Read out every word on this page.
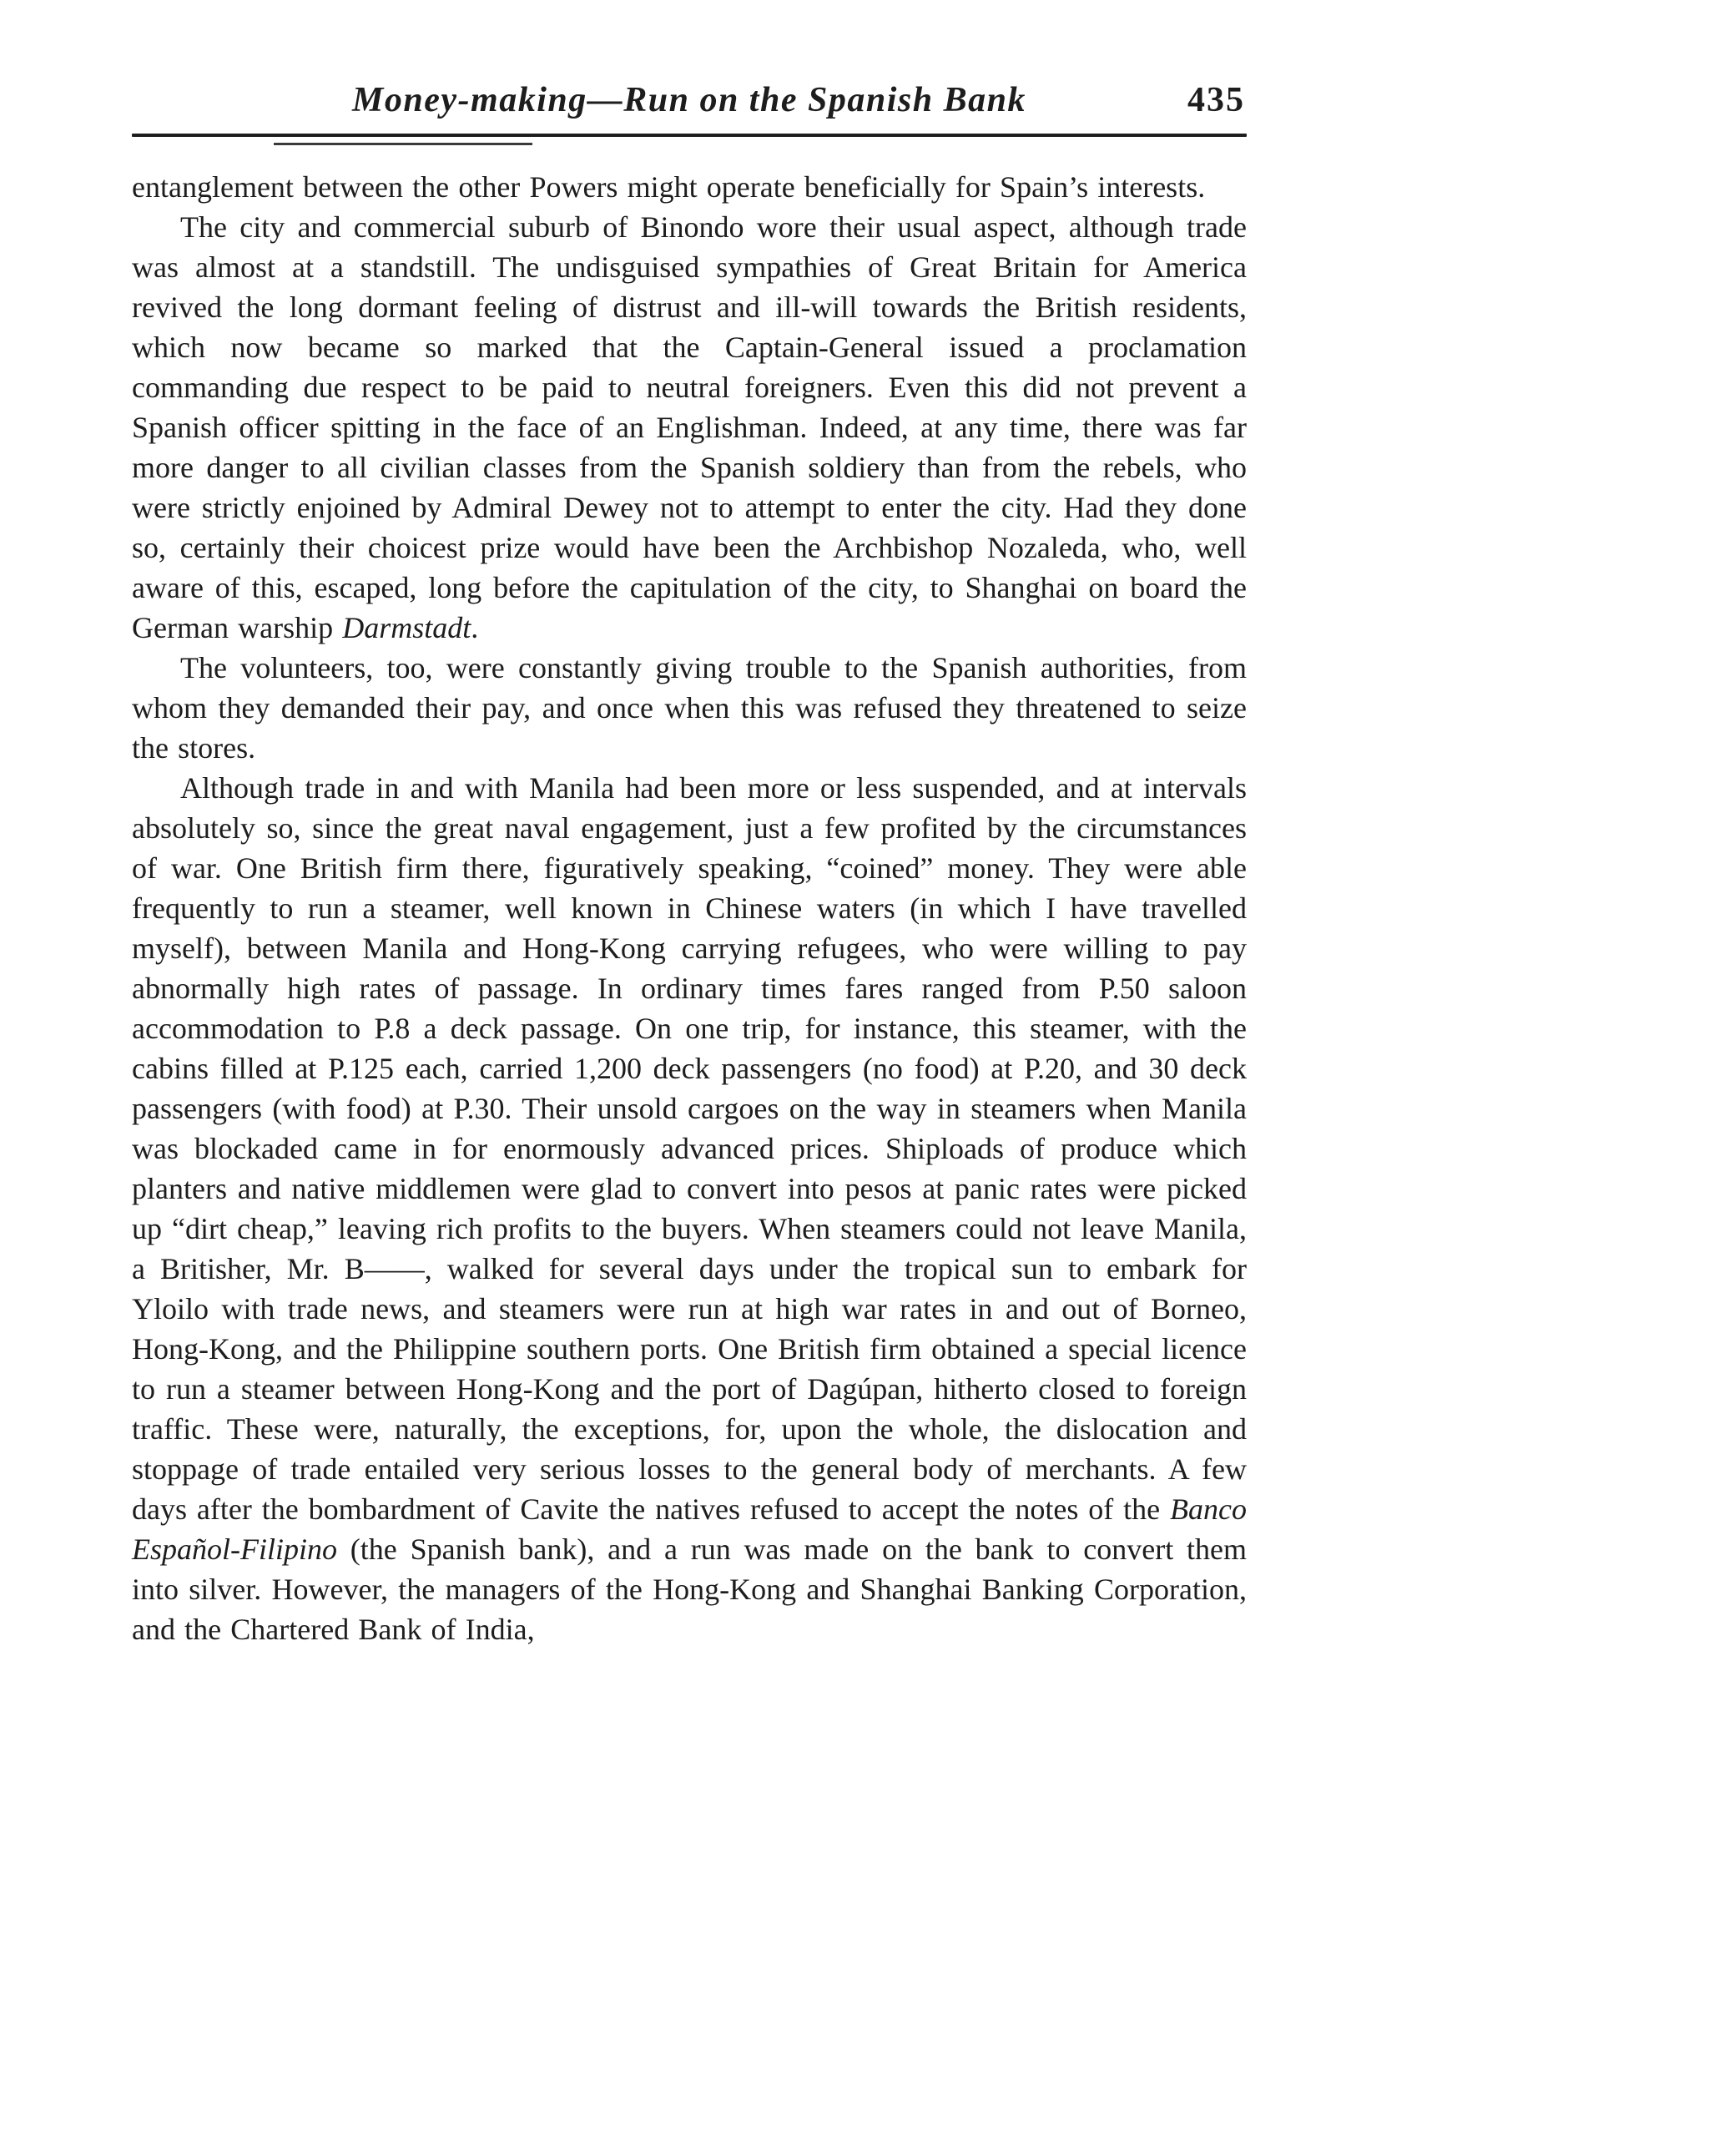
Money-making—Run on the Spanish Bank	435

entanglement between the other Powers might operate beneficially for Spain’s interests.

The city and commercial suburb of Binondo wore their usual aspect, although trade was almost at a standstill. The undisguised sympathies of Great Britain for America revived the long dormant feeling of distrust and ill-will towards the British residents, which now became so marked that the Captain-General issued a proclamation commanding due respect to be paid to neutral foreigners. Even this did not prevent a Spanish officer spitting in the face of an Englishman. Indeed, at any time, there was far more danger to all civilian classes from the Spanish soldiery than from the rebels, who were strictly enjoined by Admiral Dewey not to attempt to enter the city. Had they done so, certainly their choicest prize would have been the Archbishop Nozaleda, who, well aware of this, escaped, long before the capitulation of the city, to Shanghai on board the German warship Darmstadt.

The volunteers, too, were constantly giving trouble to the Spanish authorities, from whom they demanded their pay, and once when this was refused they threatened to seize the stores.

Although trade in and with Manila had been more or less suspended, and at intervals absolutely so, since the great naval engagement, just a few profited by the circumstances of war. One British firm there, figuratively speaking, “coined” money. They were able frequently to run a steamer, well known in Chinese waters (in which I have travelled myself), between Manila and Hong-Kong carrying refugees, who were willing to pay abnormally high rates of passage. In ordinary times fares ranged from P.50 saloon accommodation to P.8 a deck passage. On one trip, for instance, this steamer, with the cabins filled at P.125 each, carried 1,200 deck passengers (no food) at P.20, and 30 deck passengers (with food) at P.30. Their unsold cargoes on the way in steamers when Manila was blockaded came in for enormously advanced prices. Shiploads of produce which planters and native middlemen were glad to convert into pesos at panic rates were picked up “dirt cheap,” leaving rich profits to the buyers. When steamers could not leave Manila, a Britisher, Mr. B——, walked for several days under the tropical sun to embark for Yloilo with trade news, and steamers were run at high war rates in and out of Borneo, Hong-Kong, and the Philippine southern ports. One British firm obtained a special licence to run a steamer between Hong-Kong and the port of Dagúpan, hitherto closed to foreign traffic. These were, naturally, the exceptions, for, upon the whole, the dislocation and stoppage of trade entailed very serious losses to the general body of merchants. A few days after the bombardment of Cavite the natives refused to accept the notes of the Banco Español-Filipino (the Spanish bank), and a run was made on the bank to convert them into silver. However, the managers of the Hong-Kong and Shanghai Banking Corporation, and the Chartered Bank of India,
